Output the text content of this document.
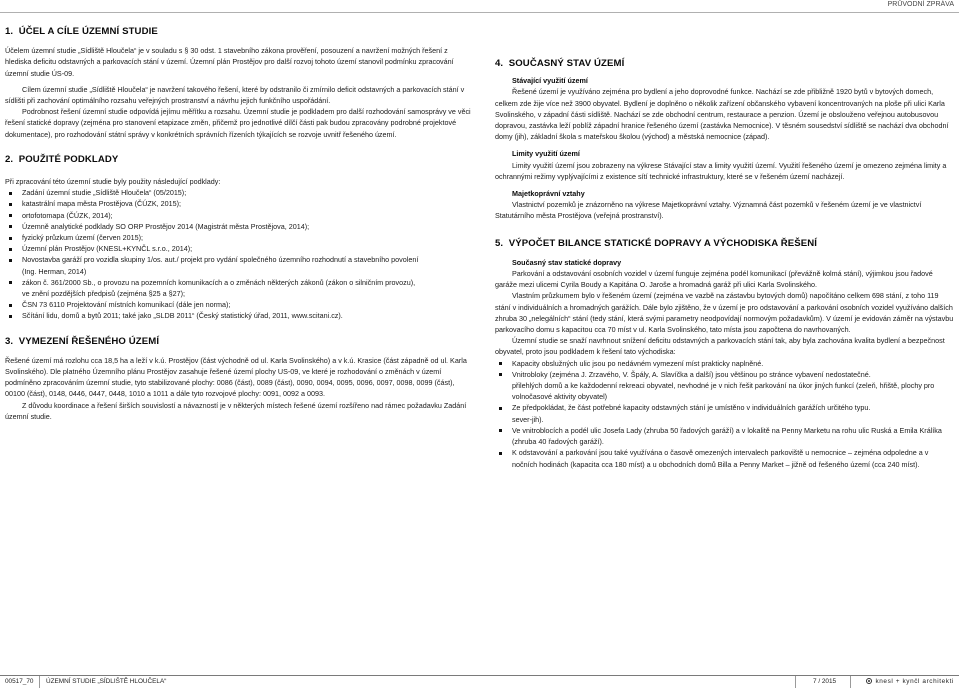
PRŮVODNÍ ZPRÁVA
1.  ÚČEL A CÍLE ÚZEMNÍ STUDIE

Účelem územní studie „Sídliště Hloučela“ je v souladu s § 30 odst. 1 stavebního zákona prověření, posouzení a navržení možných řešení z hlediska deficitu odstavných a parkovacích stání v území. Územní plán Prostějov pro další rozvoj tohoto území stanovil podmínku zpracování územní studie ÚS-09.

Cílem územní studie „Sídliště Hloučela“ je navržení takového řešení, které by odstranilo či zmírnilo deficit odstavných a parkovacích stání v sídlišti při zachování optimálního rozsahu veřejných prostranství a návrhu jejich funkčního uspořádání.

Podrobnost řešení územní studie odpovídá jejímu měřítku a rozsahu. Územní studie je podkladem pro další rozhodování samosprávy ve věci řešení statické dopravy (zejména pro stanovení etapizace změn, přičemž pro jednotlivé dílčí části pak budou zpracovány podrobné projektové dokumentace), pro rozhodování státní správy v konkrétních správních řízeních týkajících se rozvoje uvnitř řešeného území.

2.  POUŽITÉ PODKLADY

Při zpracování této územní studie byly použity následující podklady:

Zadání územní studie „Sídliště Hloučela“ (05/2015);
katastrální mapa města Prostějova (ČÚZK, 2015);
ortofotomapa (ČÚZK, 2014);
Územně analytické podklady SO ORP Prostějov 2014 (Magistrát města Prostějova, 2014);
fyzický průzkum území (červen 2015);
Územní plán Prostějov (KNESL+KYNČL s.r.o., 2014);
Novostavba garáží pro vozidla skupiny 1/os. aut./ projekt pro vydání společného územního rozhodnutí a stavebního povolení

(Ing. Herman, 2014)

zákon č. 361/2000 Sb., o provozu na pozemních komunikacích a o změnách některých zákonů (zákon o silničním provozu),

ve znění pozdějších předpisů (zejména §25 a §27);

ČSN 73 6110 Projektování místních komunikací (dále jen norma);
Sčítání lidu, domů a bytů 2011; také jako „SLDB 2011“ (Český statistický úřad, 2011, www.scitani.cz).
3.  VYMEZENÍ ŘEŠENÉHO ÚZEMÍ

Řešené území má rozlohu cca 18,5 ha a leží v k.ú. Prostějov (část východně od ul. Karla Svolinského) a v k.ú. Krasice (část západně od ul. Karla Svolinského). Dle platného Územního plánu Prostějov zasahuje řešené území plochy US-09, ve které je rozhodování o změnách v území podmíněno zpracováním územní studie, tyto stabilizované plochy: 0086 (část), 0089 (část), 0090, 0094, 0095, 0096, 0097, 0098, 0099 (část), 00100 (část), 0148, 0446, 0447, 0448, 1010 a 1011 a dále tyto rozvojové plochy: 0091, 0092 a 0093.

Z důvodu koordinace a řešení širších souvislostí a návazností je v některých místech řešené území rozšířeno nad rámec požadavku Zadání územní studie.

4.  SOUČASNÝ STAV ÚZEMÍ
Stávající využití území

Řešené území je využíváno zejména pro bydlení a jeho doprovodné funkce. Nachází se zde přibližně 1920 bytů v bytových domech, celkem zde žije více než 3900 obyvatel. Bydlení je doplněno o několik zařízení občanského vybavení koncentrovaných na ploše při ulici Karla Svolinského, v západní části sídliště. Nachází se zde obchodní centrum, restaurace a penzion. Území je obslouženo veřejnou autobusovou dopravou, zastávka leží poblíž západní hranice řešeného území (zastávka Nemocnice). V těsném sousedství sídliště se nachází dva obchodní domy (jih), základní škola s mateřskou školou (východ) a městská nemocnice (západ).

Limity využití území

Limity využití území jsou zobrazeny na výkrese Stávající stav a limity využití území. Využití řešeného území je omezeno zejména limity a ochrannými režimy vyplývajícími z existence sítí technické infrastruktury, které se v řešeném území nacházejí.

Majetkoprávní vztahy

Vlastnictví pozemků je znázorněno na výkrese Majetkoprávní vztahy. Významná část pozemků v řešeném území je ve vlastnictví Statutárního města Prostějova (veřejná prostranství).

5.  VÝPOČET BILANCE STATICKÉ DOPRAVY A VÝCHODISKA ŘEŠENÍ
Současný stav statické dopravy

Parkování a odstavování osobních vozidel v území funguje zejména podél komunikací (převážně kolmá stání), výjimkou jsou řadové garáže mezi ulicemi Cyrila Boudy a Kapitána O. Jaroše a hromadná garáž při ulici Karla Svolinského.

Vlastním průzkumem bylo v řešeném území (zejména ve vazbě na zástavbu bytových domů) napočítáno celkem 698 stání, z toho 119 stání v individuálních a hromadných garážích. Dále bylo zjištěno, že v území je pro odstavování a parkování osobních vozidel využíváno dalších zhruba 30 „nelegálních“ stání (tedy stání, která svými parametry neodpovídají normovým požadavkům). V území je evidován záměr na výstavbu parkovacího domu s kapacitou cca 70 míst v ul. Karla Svolinského, tato místa jsou započtena do navrhovaných.

Územní studie se snaží navrhnout snížení deficitu odstavných a parkovacích stání tak, aby byla zachována kvalita bydlení a bezpečnost obyvatel, proto jsou podkladem k řešení tato východiska:

Kapacity obslužných ulic jsou po nedávném vymezení míst prakticky naplněné.
Vnitrobloky (zejména J. Zrzavého, V. Špály, A. Slavíčka a další) jsou většinou po stránce vybavení nedostatečné.

přilehlých domů a ke každodenní rekreaci obyvatel, nevhodné je v nich řešit parkování na úkor jiných funkcí (zeleň, hřiště, plochy pro volnočasové aktivity obyvatel)

Ze předpokládat, že část potřebné kapacity odstavných stání je umístěno v individuálních garážích určitého typu.

sever-jih).

Ve vnitroblocích a podél ulic Josefa Lady (zhruba 50 řadových garáží) a v lokalitě na Penny Marketu na rohu ulic Ruská a Emila Králíka (zhruba 40 řadových garáží).
K odstavování a parkování jsou také využívána o časově omezených intervalech parkoviště u nemocnice – zejména odpoledne a v nočních hodinách (kapacita cca 180 míst) a u obchodních domů Billa a Penny Market – jižně od řešeného území (cca 240 míst).
00517_70 ÚZEMNÍ STUDIE „SÍDLIŠTĚ HLOUČELA“	7 / 2015	knesl + kynčl architekti
